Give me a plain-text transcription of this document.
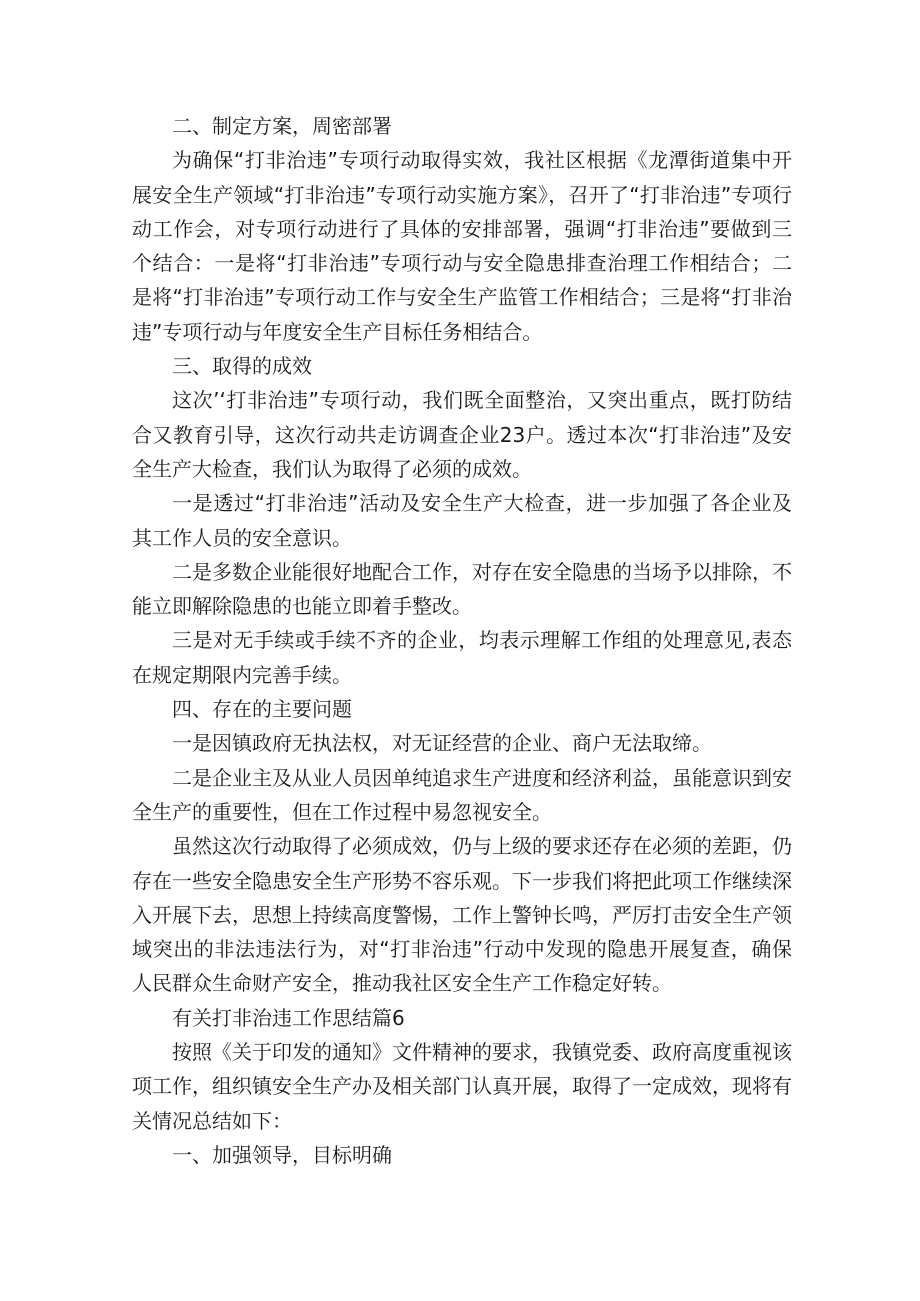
二、制定方案，周密部署

为确保“打非治违”专项行动取得实效，我社区根据《龙潭街道集中开展安全生产领域“打非治违”专项行动实施方案》，召开了“打非治违”专项行动工作会，对专项行动进行了具体的安排部署，强调“打非治违”要做到三个结合：一是将“打非治违”专项行动与安全隐患排查治理工作相结合；二是将“打非治违”专项行动工作与安全生产监管工作相结合；三是将“打非治违”专项行动与年度安全生产目标任务相结合。

三、取得的成效

这次’‘打非治违”专项行动，我们既全面整治，又突出重点，既打防结合又教育引导，这次行动共走访调查企业23户。透过本次“打非治违”及安全生产大检查，我们认为取得了必须的成效。

一是透过“打非治违”活动及安全生产大检查，进一步加强了各企业及其工作人员的安全意识。

二是多数企业能很好地配合工作，对存在安全隐患的当场予以排除，不能立即解除隐患的也能立即着手整改。

三是对无手续或手续不齐的企业，均表示理解工作组的处理意见,表态在规定期限内完善手续。

四、存在的主要问题

一是因镇政府无执法权，对无证经营的企业、商户无法取缔。

二是企业主及从业人员因单纯追求生产进度和经济利益，虽能意识到安全生产的重要性，但在工作过程中易忽视安全。

虽然这次行动取得了必须成效，仍与上级的要求还存在必须的差距，仍存在一些安全隐患安全生产形势不容乐观。下一步我们将把此项工作继续深入开展下去，思想上持续高度警惕，工作上警钟长鸣，严厉打击安全生产领域突出的非法违法行为，对“打非治违”行动中发现的隐患开展复查，确保人民群众生命财产安全，推动我社区安全生产工作稳定好转。

有关打非治违工作思结篇6

按照《关于印发的通知》文件精神的要求，我镇党委、政府高度重视该项工作，组织镇安全生产办及相关部门认真开展，取得了一定成效，现将有关情况总结如下：

一、加强领导，目标明确
